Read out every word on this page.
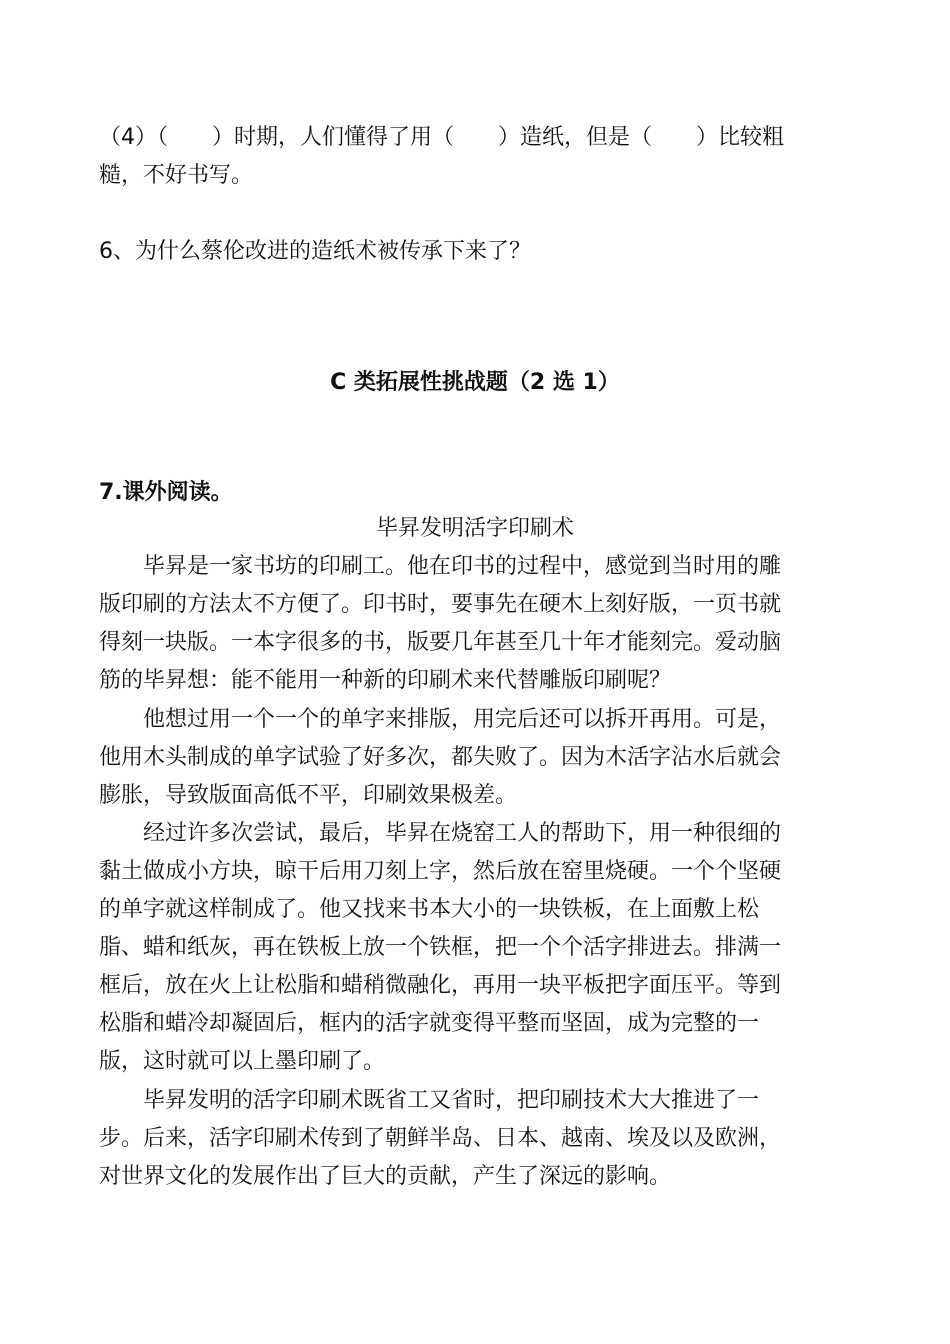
（4）（　　）时期，人们懂得了用（　　）造纸，但是（　　）比较粗
糙，不好书写。
6、为什么蔡伦改进的造纸术被传承下来了？
C 类拓展性挑战题（2 选 1）
7.课外阅读。
毕昇发明活字印刷术
毕昇是一家书坊的印刷工。他在印书的过程中，感觉到当时用的雕
版印刷的方法太不方便了。印书时，要事先在硬木上刻好版，一页书就
得刻一块版。一本字很多的书，版要几年甚至几十年才能刻完。爱动脑
筋的毕昇想：能不能用一种新的印刷术来代替雕版印刷呢？
他想过用一个一个的单字来排版，用完后还可以拆开再用。可是，
他用木头制成的单字试验了好多次，都失败了。因为木活字沾水后就会
膨胀，导致版面高低不平，印刷效果极差。
经过许多次尝试，最后，毕昇在烧窑工人的帮助下，用一种很细的
黏土做成小方块，晾干后用刀刻上字，然后放在窑里烧硬。一个个坚硬
的单字就这样制成了。他又找来书本大小的一块铁板，在上面敷上松
脂、蜡和纸灰，再在铁板上放一个铁框，把一个个活字排进去。排满一
框后，放在火上让松脂和蜡稍微融化，再用一块平板把字面压平。等到
松脂和蜡冷却凝固后，框内的活字就变得平整而坚固，成为完整的一
版，这时就可以上墨印刷了。
毕昇发明的活字印刷术既省工又省时，把印刷技术大大推进了一
步。后来，活字印刷术传到了朝鲜半岛、日本、越南、埃及以及欧洲，
对世界文化的发展作出了巨大的贡献，产生了深远的影响。
